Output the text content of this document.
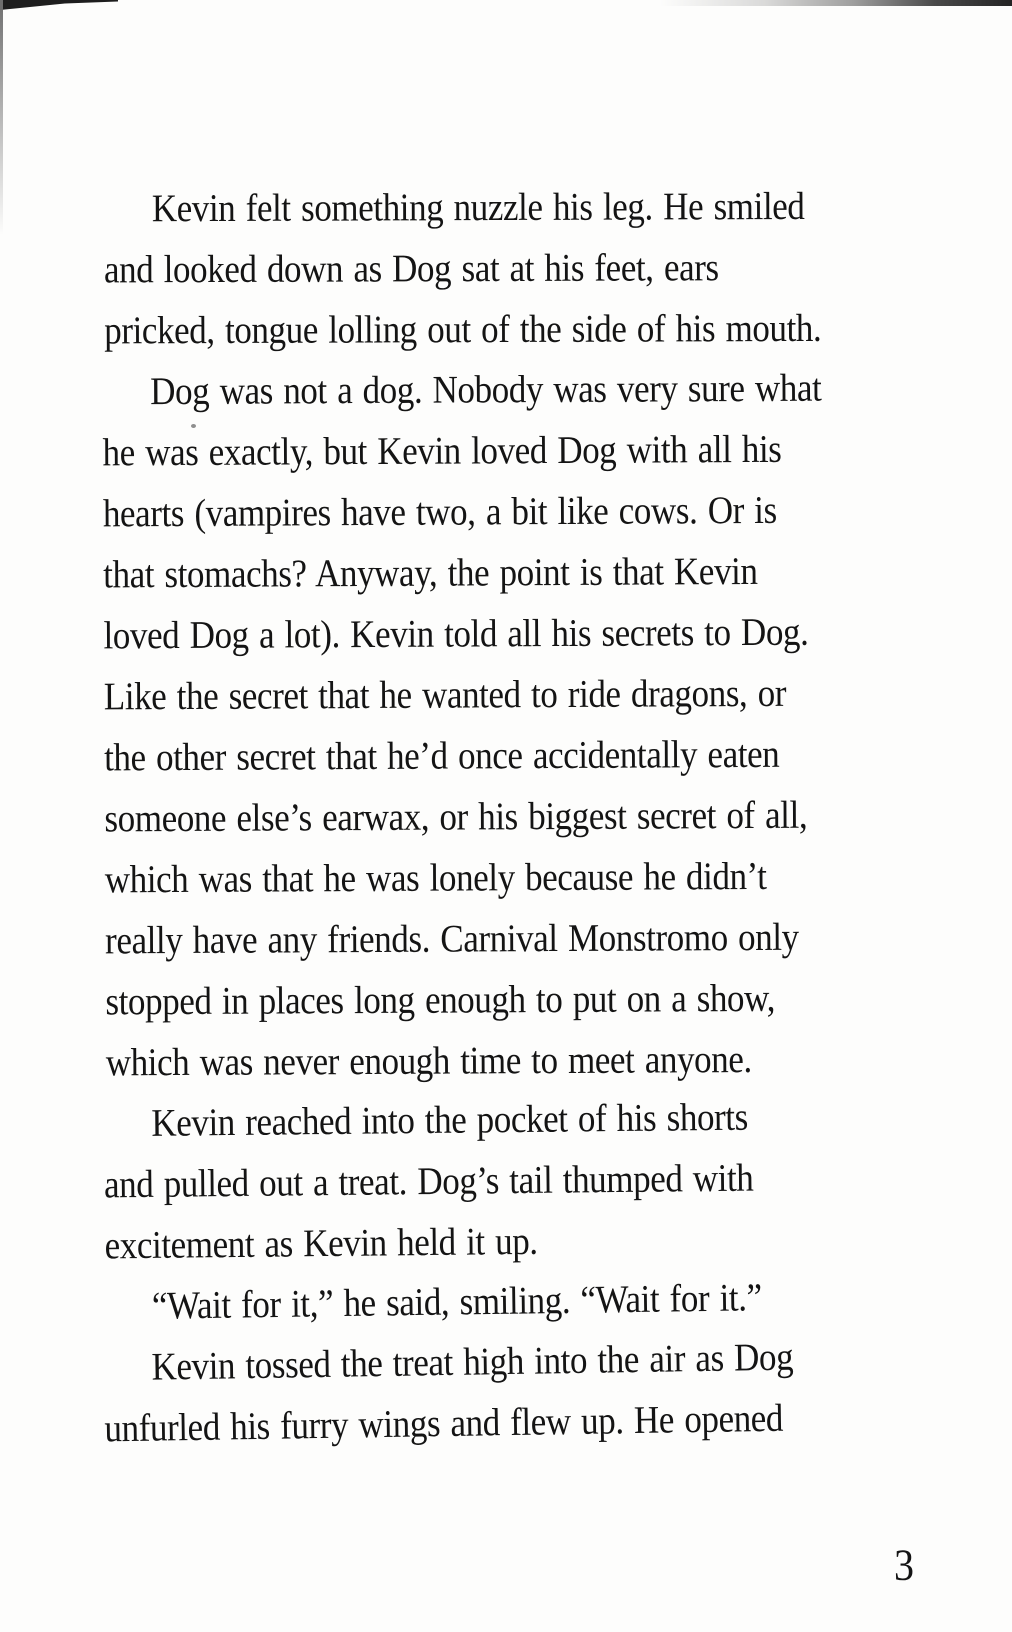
Kevin felt something nuzzle his leg. He smiled
and looked down as Dog sat at his feet, ears
pricked, tongue lolling out of the side of his mouth.
Dog was not a dog. Nobody was very sure what
he was exactly, but Kevin loved Dog with all his
hearts (vampires have two, a bit like cows. Or is
that stomachs? Anyway, the point is that Kevin
loved Dog a lot). Kevin told all his secrets to Dog.
Like the secret that he wanted to ride dragons, or
the other secret that he’d once accidentally eaten
someone else’s earwax, or his biggest secret of all,
which was that he was lonely because he didn’t
really have any friends. Carnival Monstromo only
stopped in places long enough to put on a show,
which was never enough time to meet anyone.
Kevin reached into the pocket of his shorts
and pulled out a treat. Dog’s tail thumped with
excitement as Kevin held it up.
“Wait for it,” he said, smiling. “Wait for it.”
Kevin tossed the treat high into the air as Dog
unfurled his furry wings and flew up. He opened
3
